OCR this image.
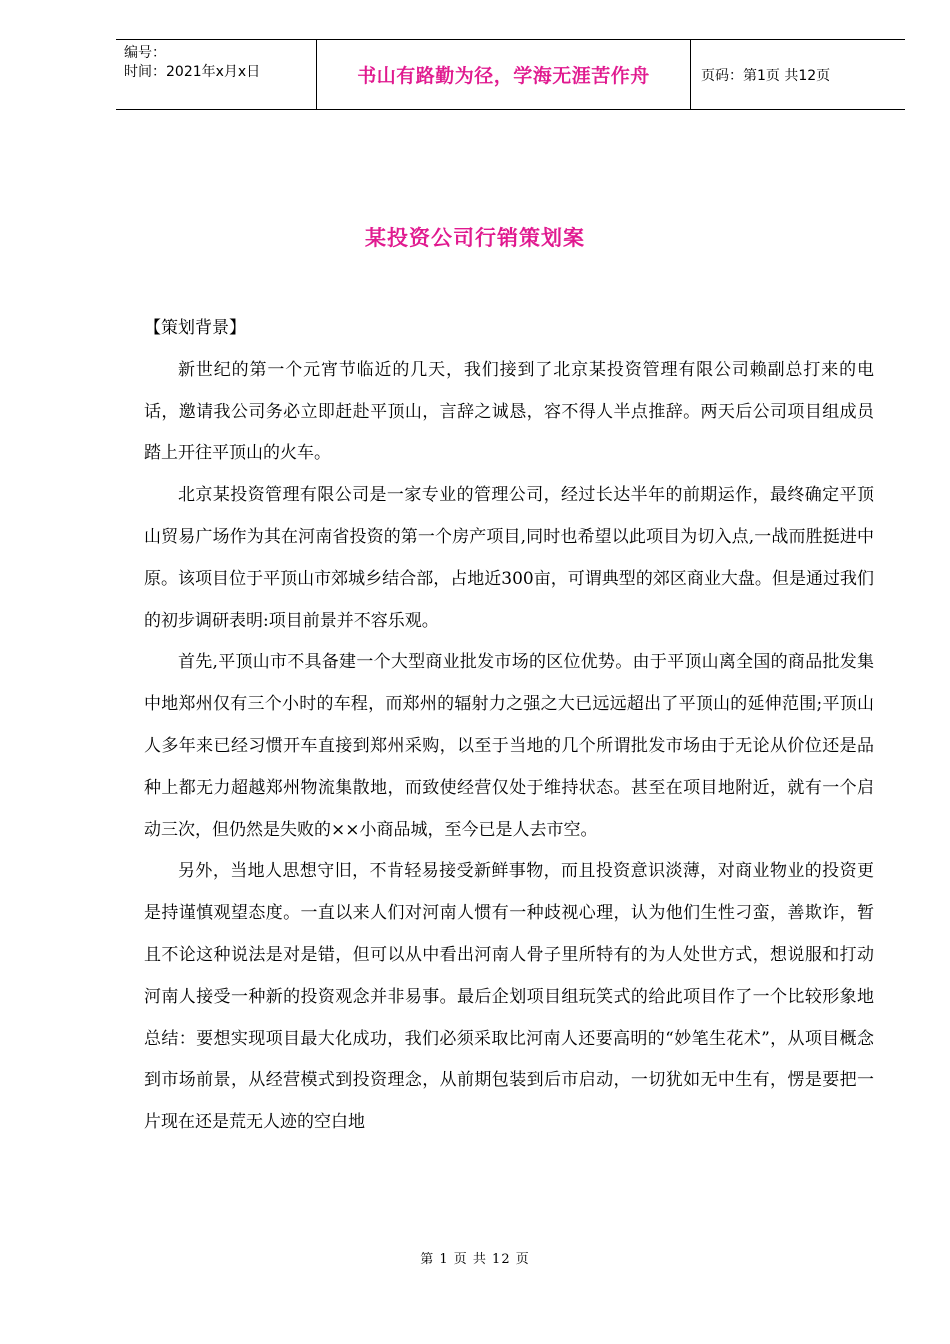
编号：
时间：2021年x月x日	书山有路勤为径，学海无涯苦作舟	页码：第1页 共12页
某投资公司行销策划案

【策划背景】

新世纪的第一个元宵节临近的几天，我们接到了北京某投资管理有限公司赖副总打来的电话，邀请我公司务必立即赶赴平顶山，言辞之诚恳，容不得人半点推辞。两天后公司项目组成员踏上开往平顶山的火车。

北京某投资管理有限公司是一家专业的管理公司，经过长达半年的前期运作，最终确定平顶山贸易广场作为其在河南省投资的第一个房产项目,同时也希望以此项目为切入点,一战而胜挺进中原。该项目位于平顶山市郊城乡结合部，占地近300亩，可谓典型的郊区商业大盘。但是通过我们的初步调研表明:项目前景并不容乐观。

首先,平顶山市不具备建一个大型商业批发市场的区位优势。由于平顶山离全国的商品批发集中地郑州仅有三个小时的车程，而郑州的辐射力之强之大已远远超出了平顶山的延伸范围;平顶山人多年来已经习惯开车直接到郑州采购，以至于当地的几个所谓批发市场由于无论从价位还是品种上都无力超越郑州物流集散地，而致使经营仅处于维持状态。甚至在项目地附近，就有一个启动三次，但仍然是失败的××小商品城，至今已是人去市空。

另外，当地人思想守旧，不肯轻易接受新鲜事物，而且投资意识淡薄，对商业物业的投资更是持谨慎观望态度。一直以来人们对河南人惯有一种歧视心理，认为他们生性刁蛮，善欺诈，暂且不论这种说法是对是错，但可以从中看出河南人骨子里所特有的为人处世方式，想说服和打动河南人接受一种新的投资观念并非易事。最后企划项目组玩笑式的给此项目作了一个比较形象地总结：要想实现项目最大化成功，我们必须采取比河南人还要高明的“妙笔生花术”，从项目概念到市场前景，从经营模式到投资理念，从前期包装到后市启动，一切犹如无中生有，愣是要把一片现在还是荒无人迹的空白地

第 1 页 共 12 页
